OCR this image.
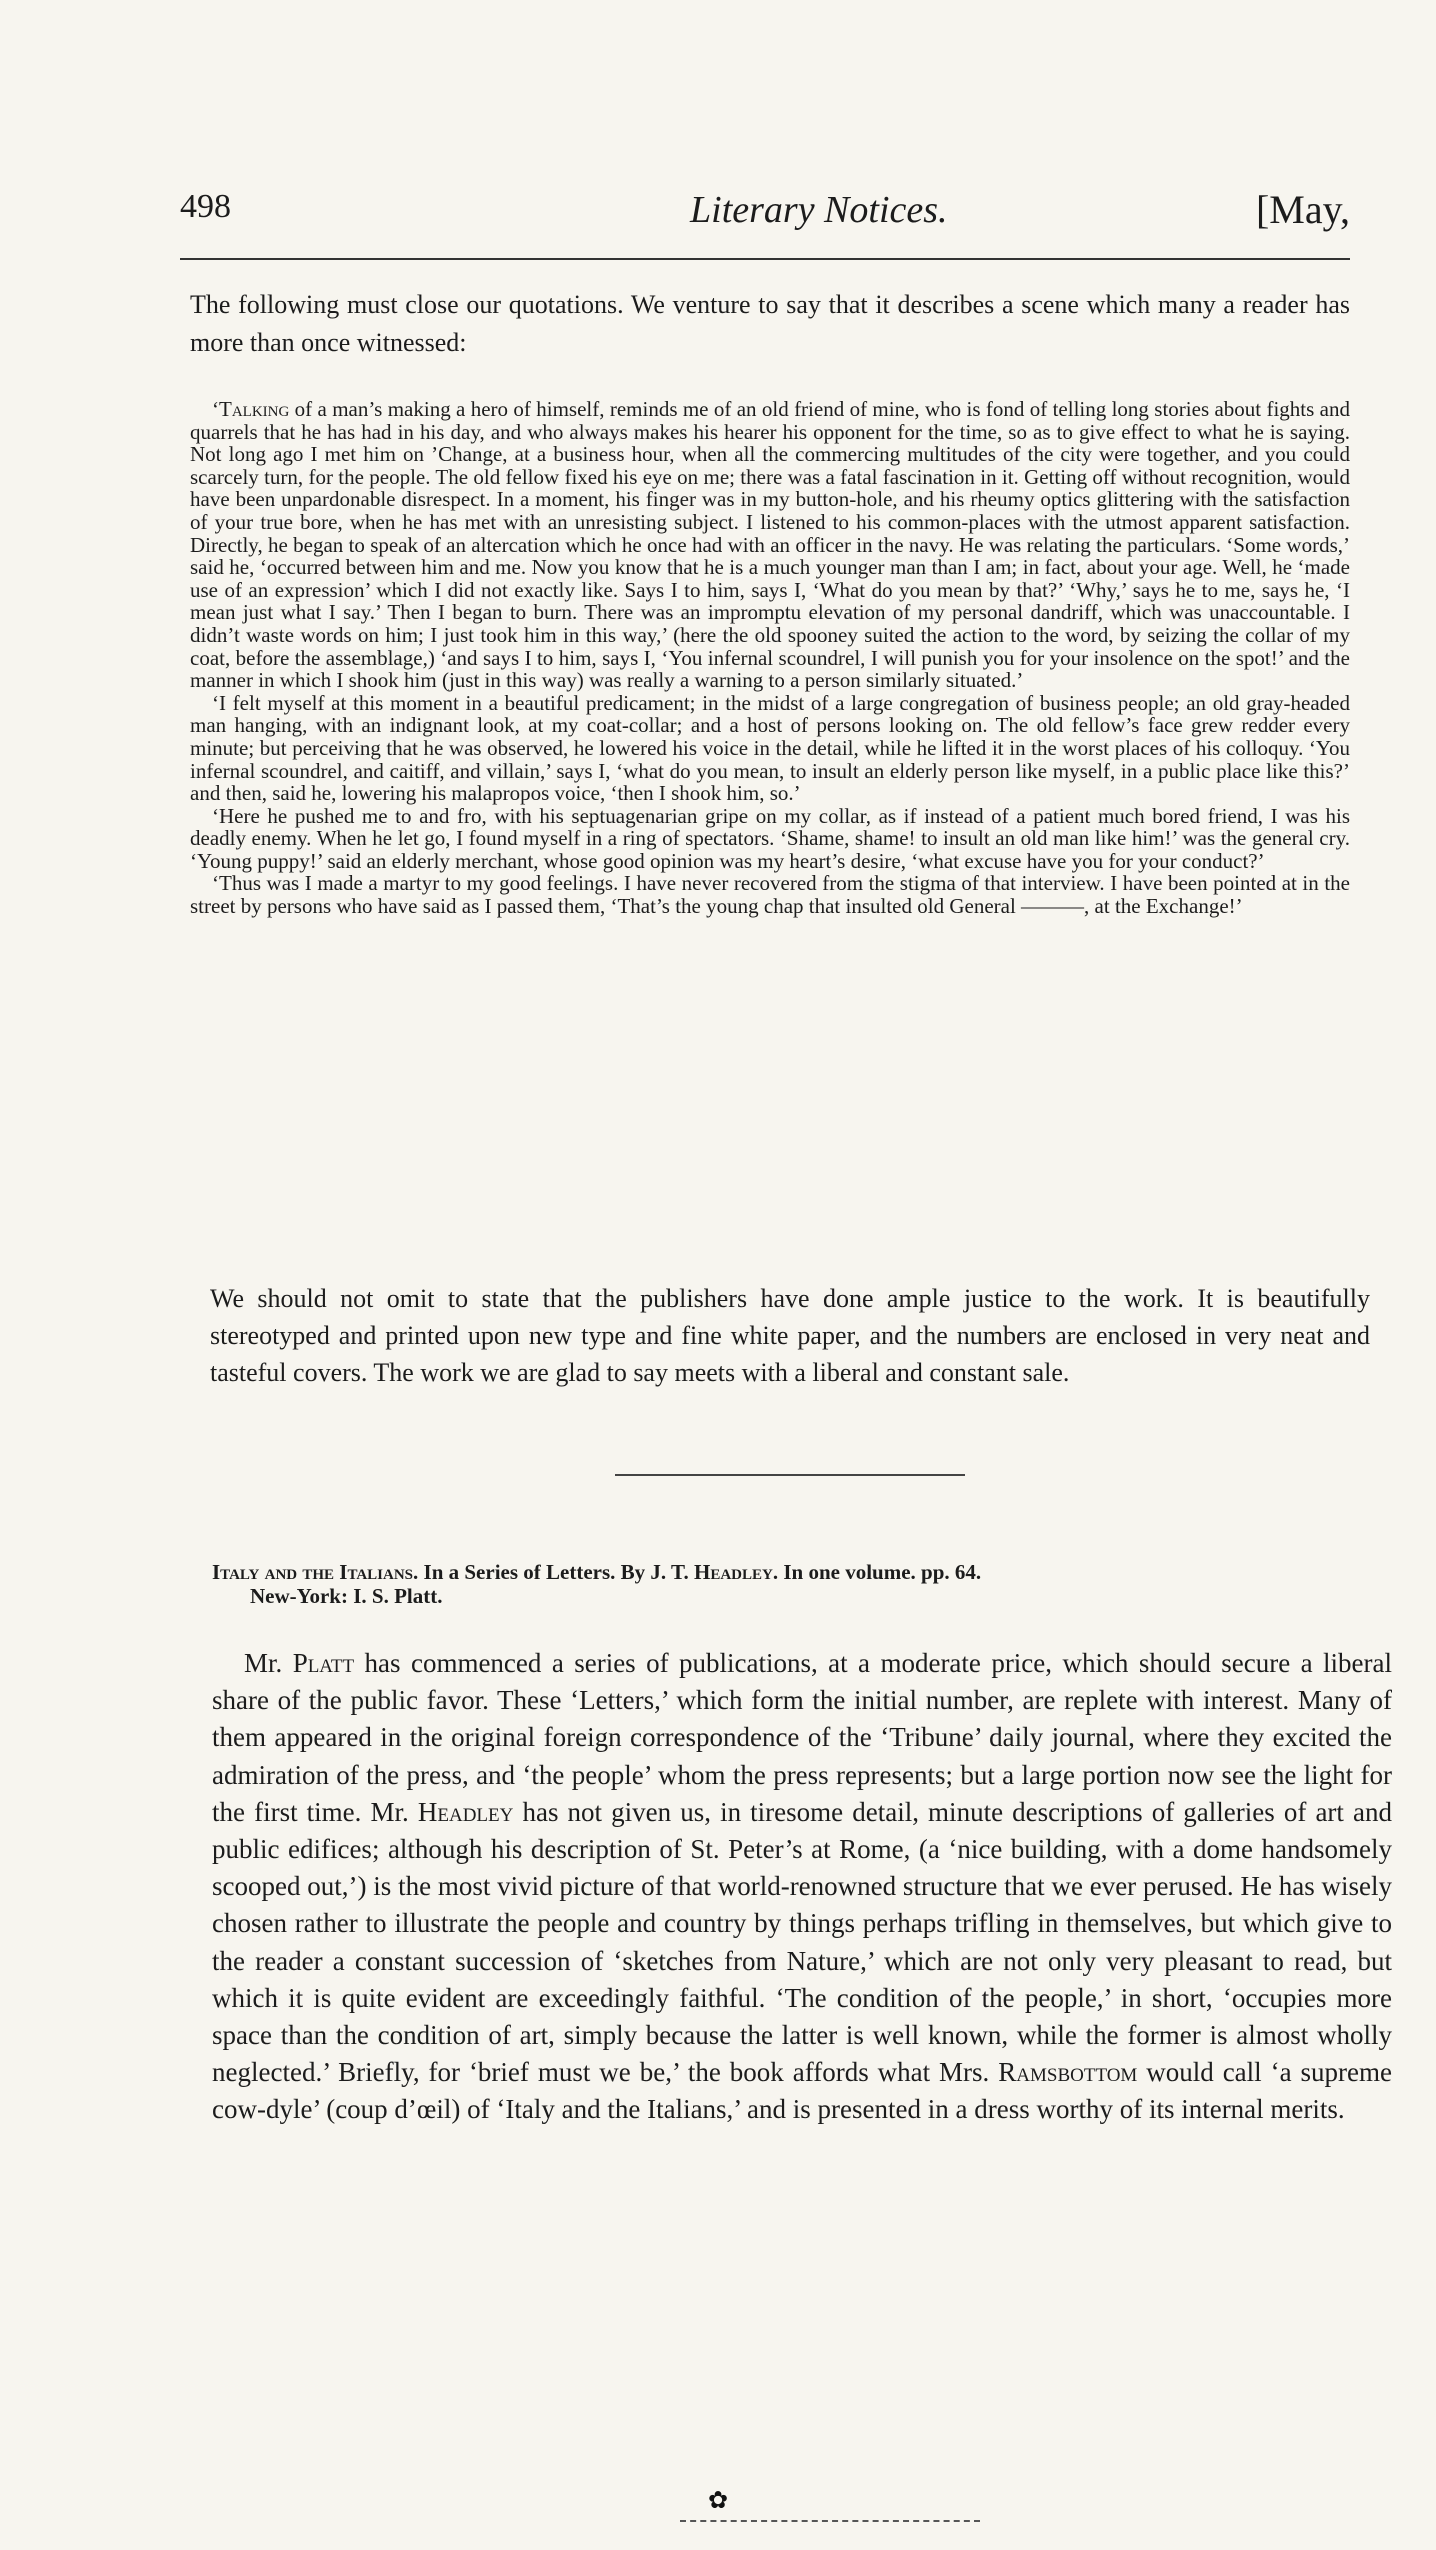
498	Literary Notices.	[May,

The following must close our quotations. We venture to say that it describes a scene which many a reader has more than once witnessed:

‘Talking of a man’s making a hero of himself, reminds me of an old friend of mine, who is fond of telling long stories about fights and quarrels that he has had in his day, and who always makes his hearer his opponent for the time, so as to give effect to what he is saying. Not long ago I met him on ’Change, at a business hour, when all the commercing multitudes of the city were together, and you could scarcely turn, for the people. The old fellow fixed his eye on me; there was a fatal fascination in it. Getting off without recognition, would have been unpardonable disrespect. In a moment, his finger was in my button-hole, and his rheumy optics glittering with the satisfaction of your true bore, when he has met with an unresisting subject. I listened to his common-places with the utmost apparent satisfaction. Directly, he began to speak of an altercation which he once had with an officer in the navy. He was relating the particulars. ‘Some words,’ said he, ‘occurred between him and me. Now you know that he is a much younger man than I am; in fact, about your age. Well, he ‘made use of an expression’ which I did not exactly like. Says I to him, says I, ‘What do you mean by that?’ ‘Why,’ says he to me, says he, ‘I mean just what I say.’ Then I began to burn. There was an impromptu elevation of my personal dandriff, which was unaccountable. I didn’t waste words on him; I just took him in this way,’ (here the old spooney suited the action to the word, by seizing the collar of my coat, before the assemblage,) ‘and says I to him, says I, ‘You infernal scoundrel, I will punish you for your insolence on the spot!’ and the manner in which I shook him (just in this way) was really a warning to a person similarly situated.’

‘I felt myself at this moment in a beautiful predicament; in the midst of a large congregation of business people; an old gray-headed man hanging, with an indignant look, at my coat-collar; and a host of persons looking on. The old fellow’s face grew redder every minute; but perceiving that he was observed, he lowered his voice in the detail, while he lifted it in the worst places of his colloquy. ‘You infernal scoundrel, and caitiff, and villain,’ says I, ‘what do you mean, to insult an elderly person like myself, in a public place like this?’ and then, said he, lowering his malapropos voice, ‘then I shook him, so.’

‘Here he pushed me to and fro, with his septuagenarian gripe on my collar, as if instead of a patient much bored friend, I was his deadly enemy. When he let go, I found myself in a ring of spectators. ‘Shame, shame! to insult an old man like him!’ was the general cry. ‘Young puppy!’ said an elderly merchant, whose good opinion was my heart’s desire, ‘what excuse have you for your conduct?’

‘Thus was I made a martyr to my good feelings. I have never recovered from the stigma of that interview. I have been pointed at in the street by persons who have said as I passed them, ‘That’s the young chap that insulted old General ———, at the Exchange!’

We should not omit to state that the publishers have done ample justice to the work. It is beautifully stereotyped and printed upon new type and fine white paper, and the numbers are enclosed in very neat and tasteful covers. The work we are glad to say meets with a liberal and constant sale.

Italy and the Italians. In a Series of Letters. By J. T. Headley. In one volume. pp. 64.
New-York: I. S. Platt.

Mr. Platt has commenced a series of publications, at a moderate price, which should secure a liberal share of the public favor. These ‘Letters,’ which form the initial number, are replete with interest. Many of them appeared in the original foreign correspondence of the ‘Tribune’ daily journal, where they excited the admiration of the press, and ‘the people’ whom the press represents; but a large portion now see the light for the first time. Mr. Headley has not given us, in tiresome detail, minute descriptions of galleries of art and public edifices; although his description of St. Peter’s at Rome, (a ‘nice building, with a dome handsomely scooped out,’) is the most vivid picture of that world-renowned structure that we ever perused. He has wisely chosen rather to illustrate the people and country by things perhaps trifling in themselves, but which give to the reader a constant succession of ‘sketches from Nature,’ which are not only very pleasant to read, but which it is quite evident are exceedingly faithful. ‘The condition of the people,’ in short, ‘occupies more space than the condition of art, simply because the latter is well known, while the former is almost wholly neglected.’ Briefly, for ‘brief must we be,’ the book affords what Mrs. Ramsbottom would call ‘a supreme cow-dyle’ (coup d’œil) of ‘Italy and the Italians,’ and is presented in a dress worthy of its internal merits.

✿
